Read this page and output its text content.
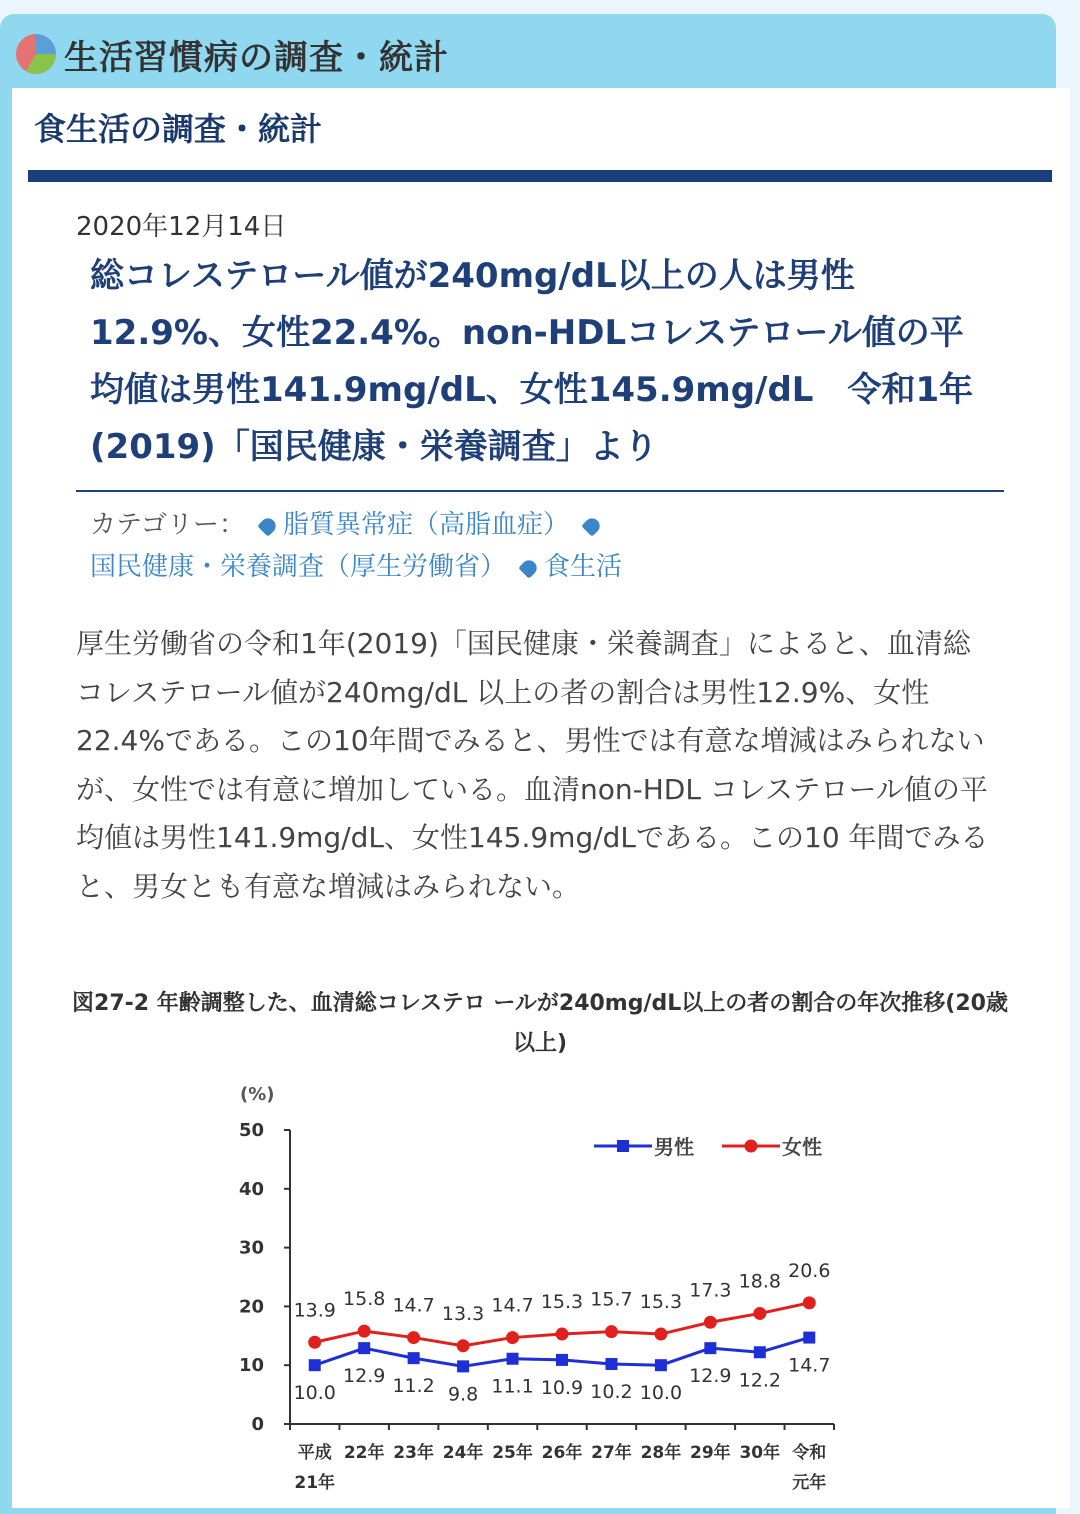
生活習慣病の調査・統計
食生活の調査・統計
2020年12月14日
総コレステロール値が240mg/dL以上の人は男性12.9%、女性22.4%。non-HDLコレステロール値の平均値は男性141.9mg/dL、女性145.9mg/dL　令和1年(2019)「国民健康・栄養調査」より
カテゴリー： 脂質異常症（高脂血症）国民健康・栄養調査（厚生労働省） 食生活
厚生労働省の令和1年(2019)「国民健康・栄養調査」によると、血清総コレステロール値が240mg/dL 以上の者の割合は男性12.9%、女性22.4%である。この10年間でみると、男性では有意な増減はみられないが、女性では有意に増加している。血清non-HDL コレステロール値の平均値は男性141.9mg/dL、女性145.9mg/dLである。この10 年間でみると、男女とも有意な増減はみられない。
図27-2 年齢調整した、血清総コレステロ ールが240mg/dL以上の者の割合の年次推移(20歳以上)
(%)
0
10
20
30
40
50
平成
21年
22年 23年 24年 25年 26年 27年 28年 29年 30年 令和
元年
10.0
12.9 11.2 9.8 11.1 10.9 10.2 10.0
12.9 12.2
14.7
13.9
15.8 14.7 13.3 14.7 15.3 15.7 15.3
17.3 18.8 20.6
男性	女性
